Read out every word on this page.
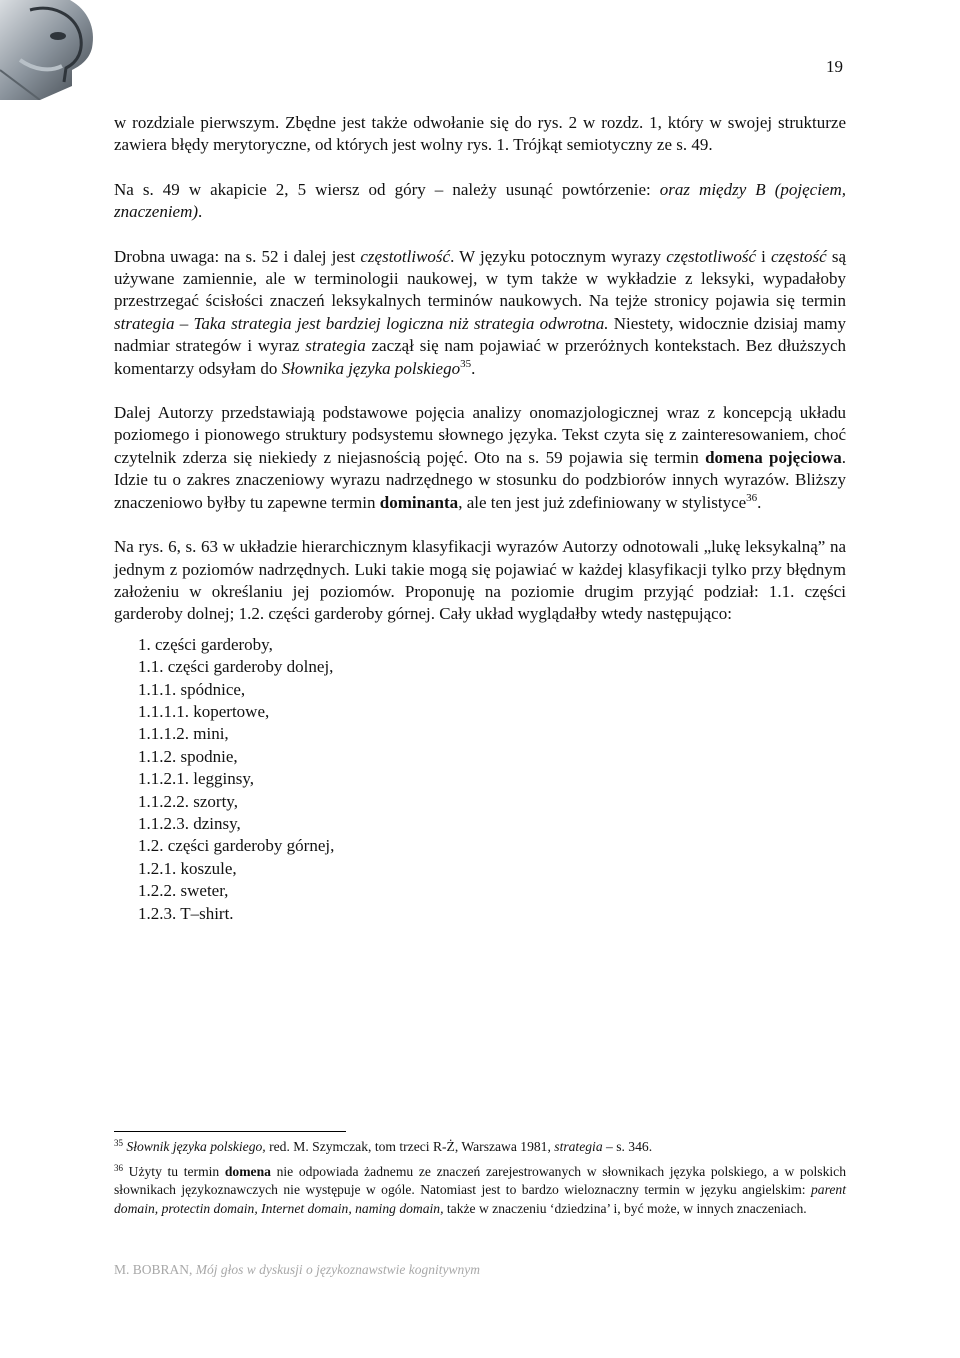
19

w rozdziale pierwszym. Zbędne jest także odwołanie się do rys. 2 w rozdz. 1, który w swojej strukturze zawiera błędy merytoryczne, od których jest wolny rys. 1. Trójkąt semiotyczny ze s. 49.

Na s. 49 w akapicie 2, 5 wiersz od góry – należy usunąć powtórzenie: oraz między B (pojęciem, znaczeniem).

Drobna uwaga: na s. 52 i dalej jest częstotliwość. W języku potocznym wyrazy częstotliwość i częstość są używane zamiennie, ale w terminologii naukowej, w tym także w wykładzie z leksyki, wypadałoby przestrzegać ścisłości znaczeń leksykalnych terminów naukowych. Na tejże stronicy pojawia się termin strategia – Taka strategia jest bardziej logiczna niż strategia odwrotna. Niestety, widocznie dzisiaj mamy nadmiar strategów i wyraz strategia zaczął się nam pojawiać w przeróżnych kontekstach. Bez dłuższych komentarzy odsyłam do Słownika języka polskiego$^{35}$.

Dalej Autorzy przedstawiają podstawowe pojęcia analizy onomazjologicznej wraz z koncepcją układu poziomego i pionowego struktury podsystemu słownego języka. Tekst czyta się z zainteresowaniem, choć czytelnik zderza się niekiedy z niejasnością pojęć. Oto na s. 59 pojawia się termin domena pojęciowa. Idzie tu o zakres znaczeniowy wyrazu nadrzędnego w stosunku do podzbiorów innych wyrazów. Bliższy znaczeniowo byłby tu zapewne termin dominanta, ale ten jest już zdefiniowany w stylistyce$^{36}$.

Na rys. 6, s. 63 w układzie hierarchicznym klasyfikacji wyrazów Autorzy odnotowali „lukę leksykalną” na jednym z poziomów nadrzędnych. Luki takie mogą się pojawiać w każdej klasyfikacji tylko przy błędnym założeniu w określaniu jej poziomów. Proponuję na poziomie drugim przyjąć podział: 1.1. części garderoby dolnej; 1.2. części garderoby górnej. Cały układ wyglądałby wtedy następująco:

1. części garderoby,
1.1. części garderoby dolnej,
1.1.1. spódnice,
1.1.1.1. kopertowe,
1.1.1.2. mini,
1.1.2. spodnie,
1.1.2.1. legginsy,
1.1.2.2. szorty,
1.1.2.3. dzinsy,
1.2. części garderoby górnej,
1.2.1. koszule,
1.2.2. sweter,
1.2.3. T–shirt.

$^{35}$ Słownik języka polskiego, red. M. Szymczak, tom trzeci R-Ż, Warszawa 1981, strategia – s. 346.

$^{36}$ Użyty tu termin domena nie odpowiada żadnemu ze znaczeń zarejestrowanych w słownikach języka polskiego, a w polskich słownikach językoznawczych nie występuje w ogóle. Natomiast jest to bardzo wieloznaczny termin w języku angielskim: parent domain, protectin domain, Internet domain, naming domain, także w znaczeniu ‘dziedzina’ i, być może, w innych znaczeniach.

M. BOBRAN, Mój głos w dyskusji o językoznawstwie kognitywnym
